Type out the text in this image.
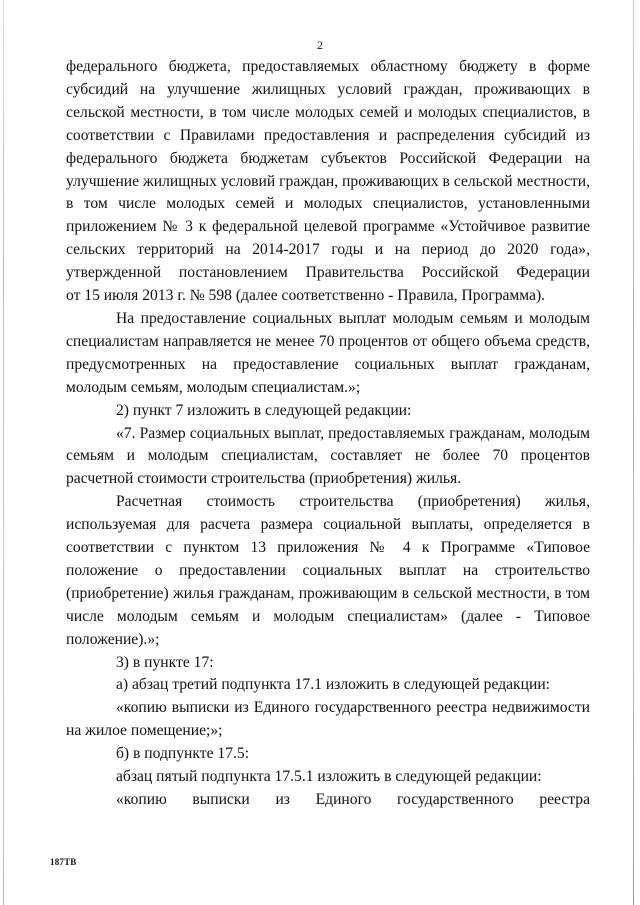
2

федерального бюджета, предоставляемых областному бюджету в форме субсидий на улучшение жилищных условий граждан, проживающих в сельской местности, в том числе молодых семей и молодых специалистов, в соответствии с Правилами предоставления и распределения субсидий из федерального бюджета бюджетам субъектов Российской Федерации на улучшение жилищных условий граждан, проживающих в сельской местности, в том числе молодых семей и молодых специалистов, установленными приложением № 3 к федеральной целевой программе «Устойчивое развитие сельских территорий на 2014-2017 годы и на период до 2020 года», утвержденной постановлением Правительства Российской Федерации

от 15 июля 2013 г. № 598 (далее соответственно - Правила, Программа).

На предоставление социальных выплат молодым семьям и молодым специалистам направляется не менее 70 процентов от общего объема средств, предусмотренных на предоставление социальных выплат гражданам, молодым семьям, молодым специалистам.»;

2) пункт 7 изложить в следующей редакции:

«7. Размер социальных выплат, предоставляемых гражданам, молодым семьям и молодым специалистам, составляет не более 70 процентов расчетной стоимости строительства (приобретения) жилья.

Расчетная стоимость строительства (приобретения) жилья, используемая для расчета размера социальной выплаты, определяется в соответствии с пунктом 13 приложения № 4 к Программе «Типовое положение о предоставлении социальных выплат на строительство (приобретение) жилья гражданам, проживающим в сельской местности, в том числе молодым семьям и молодым специалистам» (далее - Типовое положение).»;

3) в пункте 17:

а) абзац третий подпункта 17.1 изложить в следующей редакции:

«копию выписки из Единого государственного реестра недвижимости на жилое помещение;»;

б) в подпункте 17.5:

абзац пятый подпункта 17.5.1 изложить в следующей редакции:

«копию выписки из Единого государственного реестра

187ТВ
